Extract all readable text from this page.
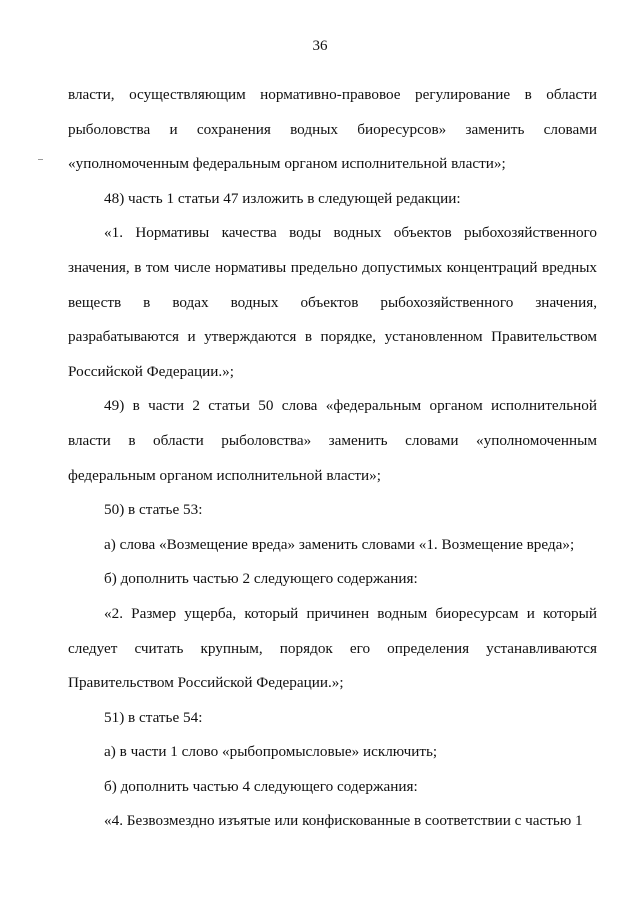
36
власти, осуществляющим нормативно-правовое регулирование в области
рыболовства и сохранения водных биоресурсов» заменить словами
«уполномоченным федеральным органом исполнительной власти»;
48) часть 1 статьи 47 изложить в следующей редакции:
«1. Нормативы качества воды водных объектов рыбохозяйственного
значения, в том числе нормативы предельно допустимых концентраций вредных
веществ в водах водных объектов рыбохозяйственного значения,
разрабатываются и утверждаются в порядке, установленном Правительством
Российской Федерации.»;
49) в части 2 статьи 50 слова «федеральным органом исполнительной
власти в области рыболовства» заменить словами «уполномоченным
федеральным органом исполнительной власти»;
50) в статье 53:
а) слова «Возмещение вреда» заменить словами «1. Возмещение вреда»;
б) дополнить частью 2 следующего содержания:
«2. Размер ущерба, который причинен водным биоресурсам и который
следует считать крупным, порядок его определения устанавливаются
Правительством Российской Федерации.»;
51) в статье 54:
а) в части 1 слово «рыбопромысловые» исключить;
б) дополнить частью 4 следующего содержания:
«4. Безвозмездно изъятые или конфискованные в соответствии с частью 1
